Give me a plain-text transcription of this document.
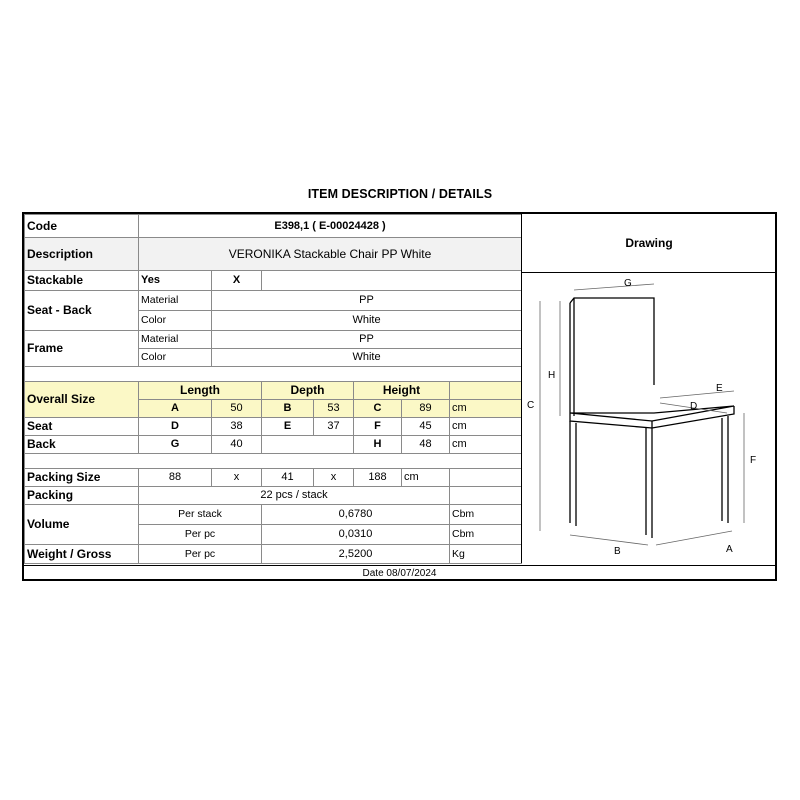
ITEM DESCRIPTION / DETAILS
Code	E398,1 ( E-00024428 )						
Description	VERONIKA Stackable Chair PP White						
Stackable	Yes	X					
Seat - Back	Material	PP					
	Color	White					
Frame	Material	PP					
	Color	White					

Overall Size	Length		Depth		Height		
	A	50	B	53	C	89	cm
Seat	D	38	E	37	F	45	cm
Back	G	40			H	48	cm

Packing Size	88	x	41	x	188	cm	
Packing	22 pcs / stack						
Volume	Per stack		0,6780				Cbm
	Per pc		0,0310				Cbm
Weight / Gross	Per pc		2,5200				Kg
Drawing
G
H
E
D
C
F
B	A
Date 08/07/2024
